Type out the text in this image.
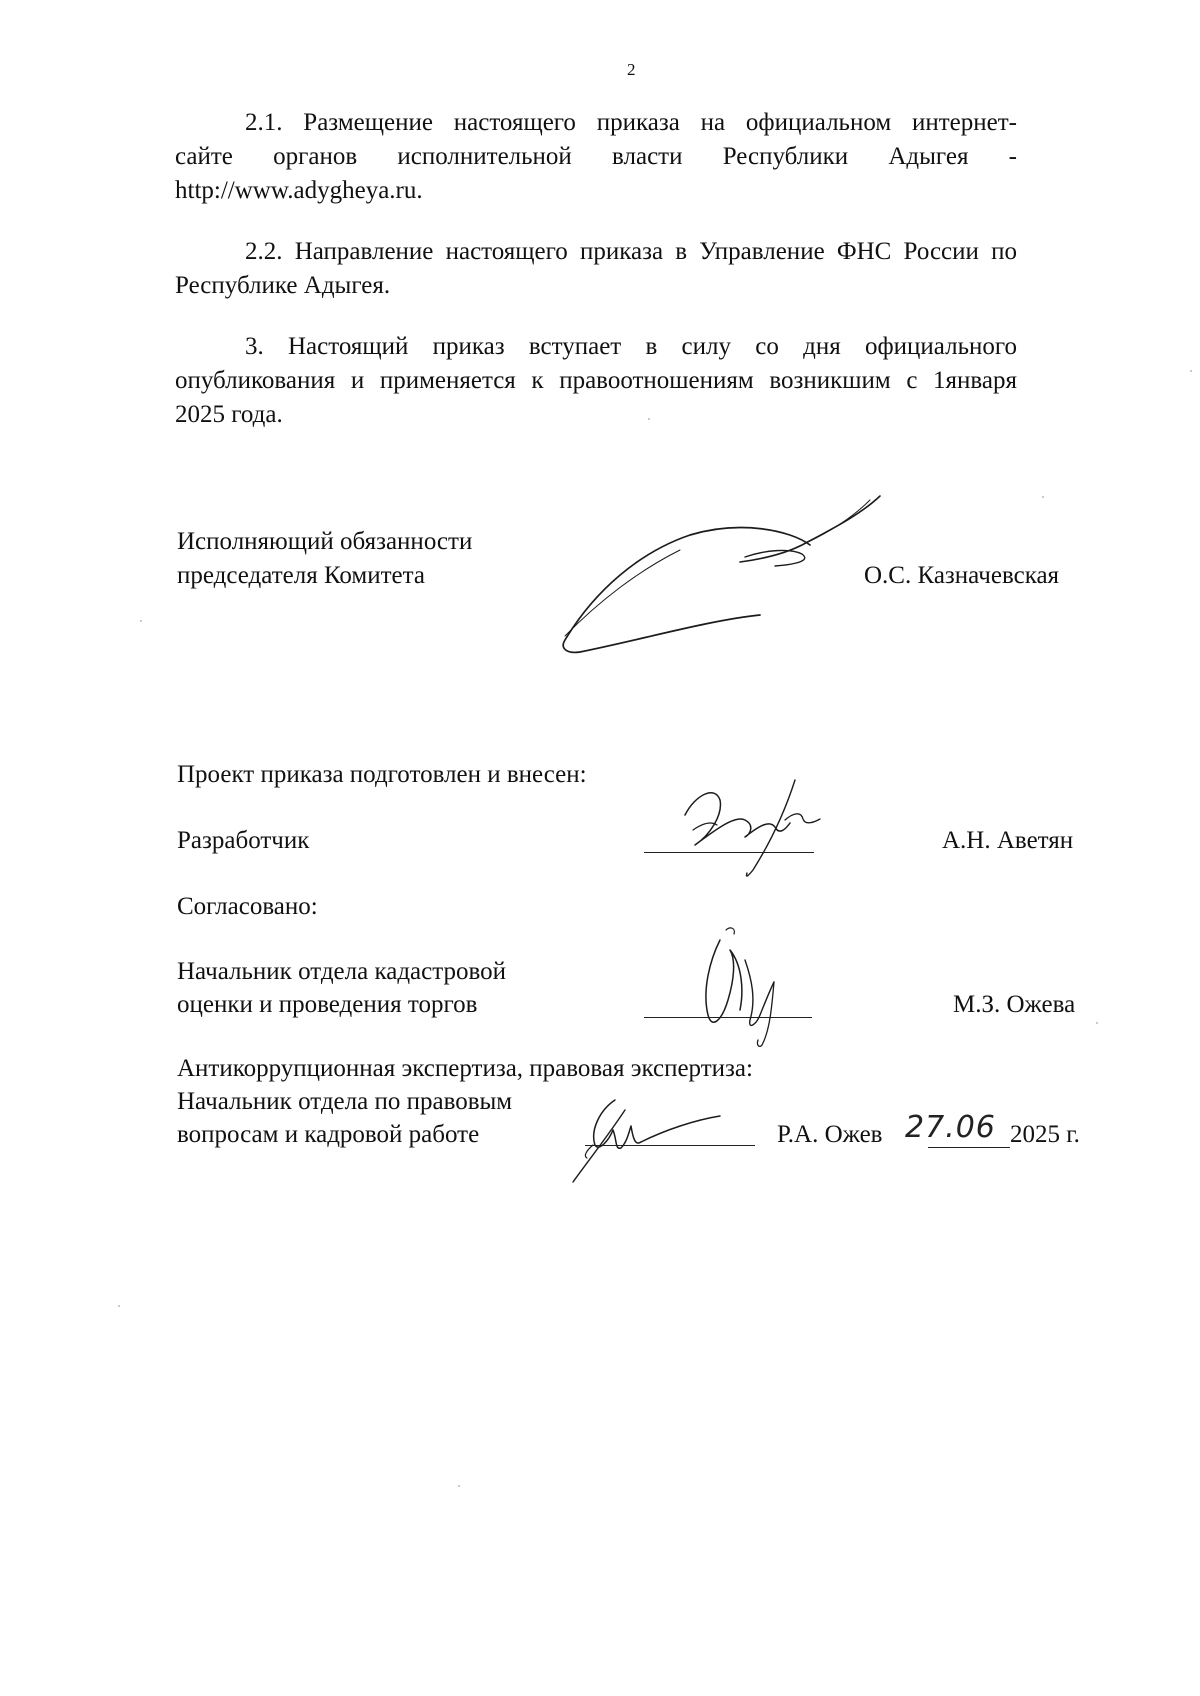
2

2.1. Размещение настоящего приказа на официальном интернет-

сайте органов исполнительной власти Республики Адыгея -

http://www.adygheya.ru.

2.2. Направление настоящего приказа в Управление ФНС России по

Республике Адыгея.

3. Настоящий приказ вступает в силу со дня официального

опубликования и применяется к правоотношениям возникшим с 1января

2025 года.

Исполняющий обязанности
председателя Комитета	О.С. Казначевская
Проект приказа подготовлен и внесен:
Разработчик	А.Н. Аветян
Согласовано:
Начальник отдела кадастровой
оценки и проведения торгов	М.З. Ожева
Антикоррупционная экспертиза, правовая экспертиза:
Начальник отдела по правовым
вопросам и кадровой работе	Р.А. Ожев 27.06 2025 г.
